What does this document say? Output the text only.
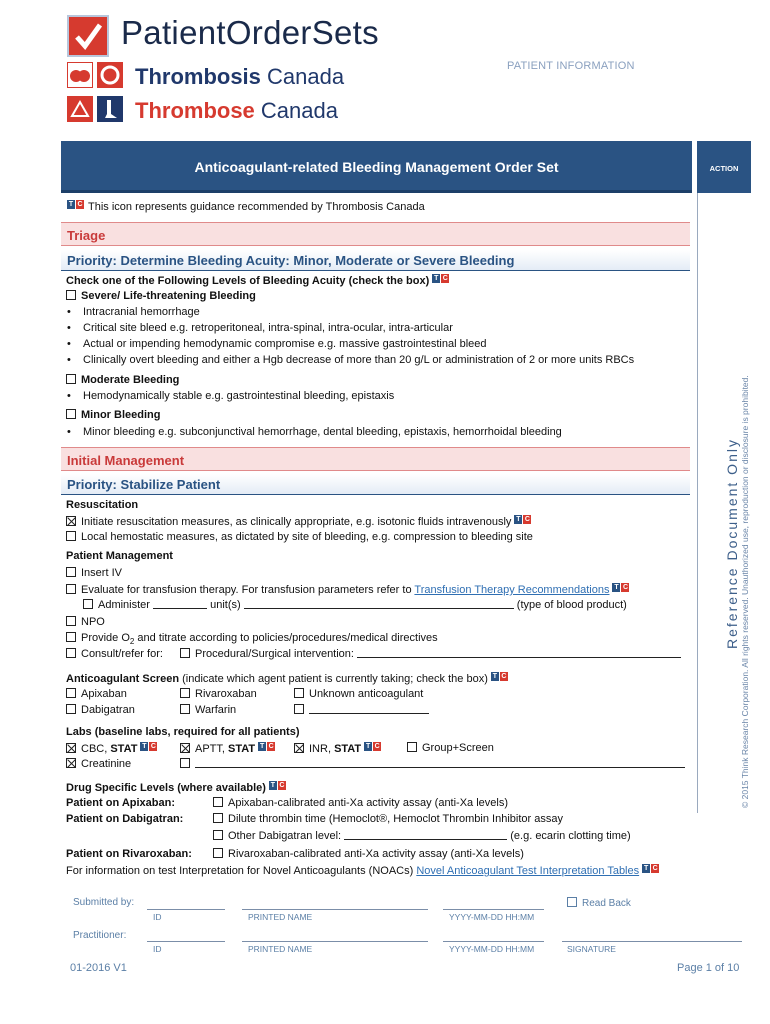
PatientOrderSets
Thrombosis Canada
Thrombose Canada
PATIENT INFORMATION
Anticoagulant-related Bleeding Management Order Set	ACTION
Reference Document Only © 2015 Think Research Corporation. All rights reserved. Unauthorized use, reproduction or disclosure is prohibited.
T C This icon represents guidance recommended by Thrombosis Canada
Triage
Priority: Determine Bleeding Acuity: Minor, Moderate or Severe Bleeding
Check one of the Following Levels of Bleeding Acuity (check the box) T C
Severe/ Life-threatening Bleeding
• Intracranial hemorrhage
• Critical site bleed e.g. retroperitoneal, intra-spinal, intra-ocular, intra-articular
• Actual or impending hemodynamic compromise e.g. massive gastrointestinal bleed
• Clinically overt bleeding and either a Hgb decrease of more than 20 g/L or administration of 2 or more units RBCs
Moderate Bleeding
• Hemodynamically stable e.g. gastrointestinal bleeding, epistaxis
Minor Bleeding
• Minor bleeding e.g. subconjunctival hemorrhage, dental bleeding, epistaxis, hemorrhoidal bleeding
Initial Management
Priority: Stabilize Patient
Resuscitation
Initiate resuscitation measures, as clinically appropriate, e.g. isotonic fluids intravenously T C
Local hemostatic measures, as dictated by site of bleeding, e.g. compression to bleeding site
Patient Management
Insert IV
Evaluate for transfusion therapy. For transfusion parameters refer to Transfusion Therapy Recommendations T C
Administer	unit(s)	(type of blood product)
NPO
Provide $O_2$ and titrate according to policies/procedures/medical directives
Consult/refer for:	Procedural/Surgical intervention:
Anticoagulant Screen (indicate which agent patient is currently taking; check the box) T C
Apixaban	Rivaroxaban	Unknown anticoagulant
Dabigatran	Warfarin
Labs (baseline labs, required for all patients)
CBC, STAT T C	APTT, STAT T C	INR, STAT T C	Group+Screen
Creatinine
Drug Specific Levels (where available) T C
Patient on Apixaban:	Apixaban-calibrated anti-Xa activity assay (anti-Xa levels)
Patient on Dabigatran:	Dilute thrombin time (Hemoclot®, Hemoclot Thrombin Inhibitor assay
Other Dabigatran level:	(e.g. ecarin clotting time)
Patient on Rivaroxaban:	Rivaroxaban-calibrated anti-Xa activity assay (anti-Xa levels)
For information on test Interpretation for Novel Anticoagulants (NOACs) Novel Anticoagulant Test Interpretation Tables T C
Submitted by:	Read Back
ID	PRINTED NAME	YYYY-MM-DD HH:MM
Practitioner:
ID	PRINTED NAME	YYYY-MM-DD HH:MM	SIGNATURE
01-2016 V1	Page 1 of 10
